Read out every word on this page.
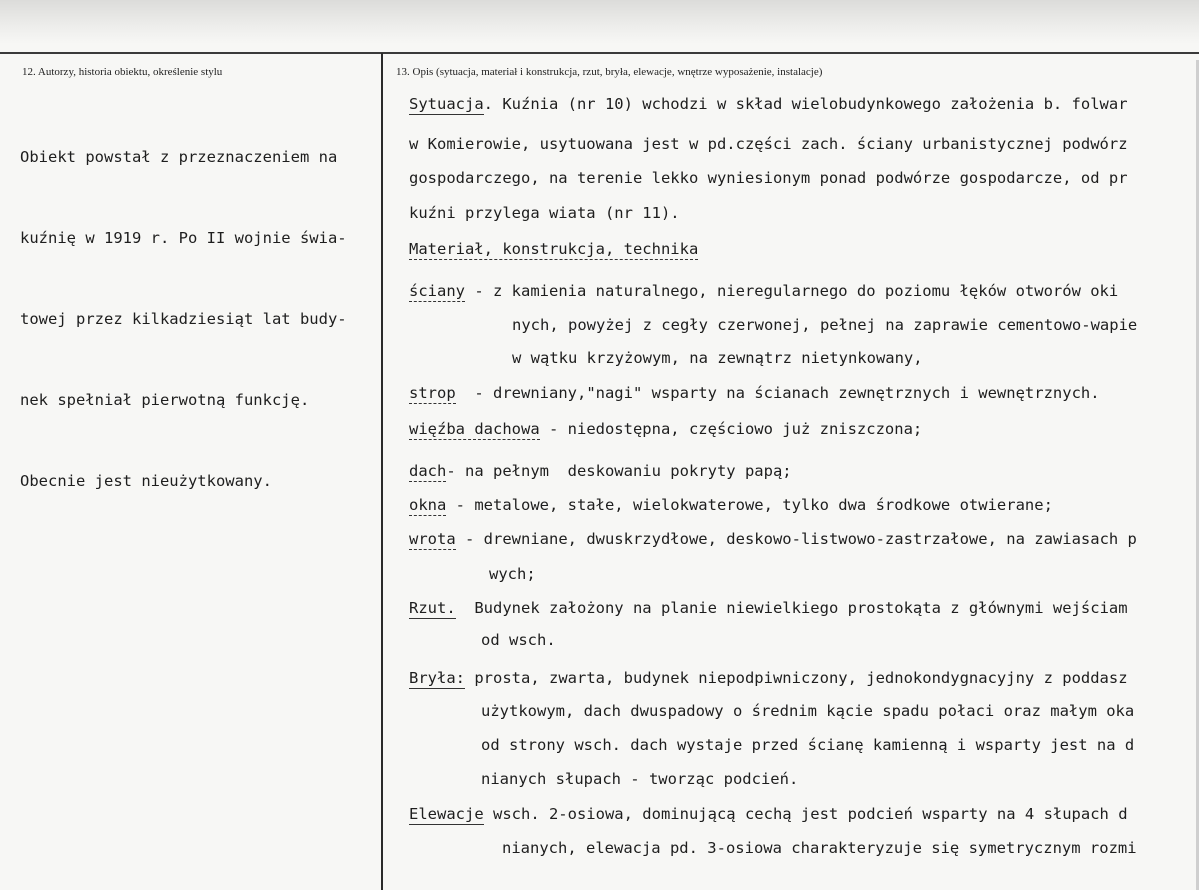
12. Autorzy, historia obiektu, określenie stylu	13. Opis (sytuacja, materiał i konstrukcja, rzut, bryła, elewacje, wnętrze wyposażenie, instalacje)

Obiekt powstał z przeznaczeniem na

kuźnię w 1919 r. Po II wojnie świa-

towej przez kilkadziesiąt lat budy-

nek spełniał pierwotną funkcję.

Obecnie jest nieużytkowany.

Sytuacja. Kuźnia (nr 10) wchodzi w skład wielobudynkowego założenia b. folwar
w Komierowie, usytuowana jest w pd.części zach. ściany urbanistycznej podwórz
gospodarczego, na terenie lekko wyniesionym ponad podwórze gospodarcze, od pr
kuźni przylega wiata (nr 11).
Materiał, konstrukcja, technika
ściany - z kamienia naturalnego, nieregularnego do poziomu łęków otworów oki
nych, powyżej z cegły czerwonej, pełnej na zaprawie cementowo-wapie
w wątku krzyżowym, na zewnątrz nietynkowany,
strop  - drewniany,"nagi" wsparty na ścianach zewnętrznych i wewnętrznych.
więźba dachowa - niedostępna, częściowo już zniszczona;
dach- na pełnym  deskowaniu pokryty papą;
okna - metalowe, stałe, wielokwaterowe, tylko dwa środkowe otwierane;
wrota - drewniane, dwuskrzydłowe, deskowo-listwowo-zastrzałowe, na zawiasach p
wych;
Rzut.  Budynek założony na planie niewielkiego prostokąta z głównymi wejściam
od wsch.
Bryła: prosta, zwarta, budynek niepodpiwniczony, jednokondygnacyjny z poddasz
użytkowym, dach dwuspadowy o średnim kącie spadu połaci oraz małym oka
od strony wsch. dach wystaje przed ścianę kamienną i wsparty jest na d
nianych słupach - tworząc podcień.
Elewacje wsch. 2-osiowa, dominującą cechą jest podcień wsparty na 4 słupach d
nianych, elewacja pd. 3-osiowa charakteryzuje się symetrycznym rozmi
